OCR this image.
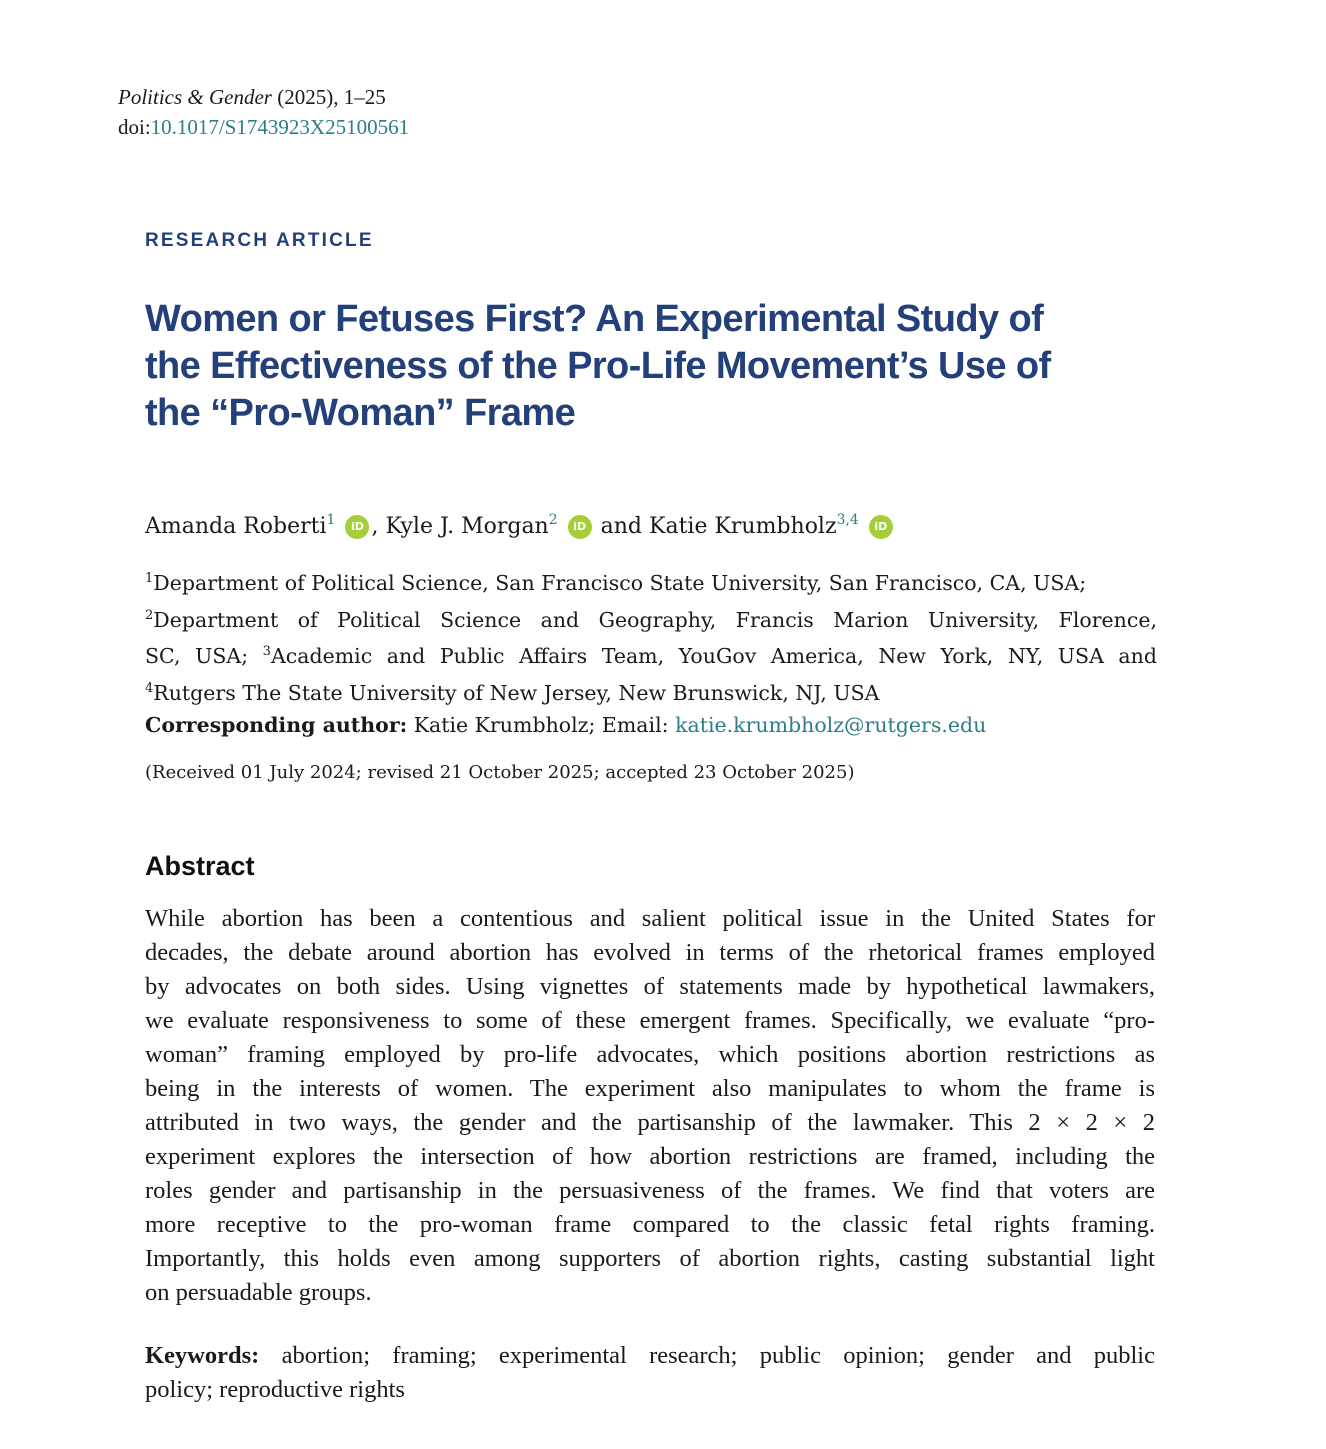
Politics & Gender (2025), 1–25
doi:10.1017/S1743923X25100561
RESEARCH ARTICLE
Women or Fetuses First? An Experimental Study of
the Effectiveness of the Pro-Life Movement’s Use of
the “Pro-Woman” Frame
Amanda Roberti$^1$ iD , Kyle J. Morgan$^2$ iD and Katie Krumbholz$^{3,4}$ iD
$^1$Department of Political Science, San Francisco State University, San Francisco, CA, USA;
$^2$Department of Political Science and Geography, Francis Marion University, Florence,
SC, USA; $^3$Academic and Public Affairs Team, YouGov America, New York, NY, USA and
$^4$Rutgers The State University of New Jersey, New Brunswick, NJ, USA
Corresponding author: Katie Krumbholz; Email: katie.krumbholz@rutgers.edu
(Received 01 July 2024; revised 21 October 2025; accepted 23 October 2025)
Abstract
While abortion has been a contentious and salient political issue in the United States for
decades, the debate around abortion has evolved in terms of the rhetorical frames employed
by advocates on both sides. Using vignettes of statements made by hypothetical lawmakers,
we evaluate responsiveness to some of these emergent frames. Specifically, we evaluate “pro-
woman” framing employed by pro-life advocates, which positions abortion restrictions as
being in the interests of women. The experiment also manipulates to whom the frame is
attributed in two ways, the gender and the partisanship of the lawmaker. This 2 × 2 × 2
experiment explores the intersection of how abortion restrictions are framed, including the
roles gender and partisanship in the persuasiveness of the frames. We find that voters are
more receptive to the pro-woman frame compared to the classic fetal rights framing.
Importantly, this holds even among supporters of abortion rights, casting substantial light
on persuadable groups.
Keywords: abortion; framing; experimental research; public opinion; gender and public
policy; reproductive rights
